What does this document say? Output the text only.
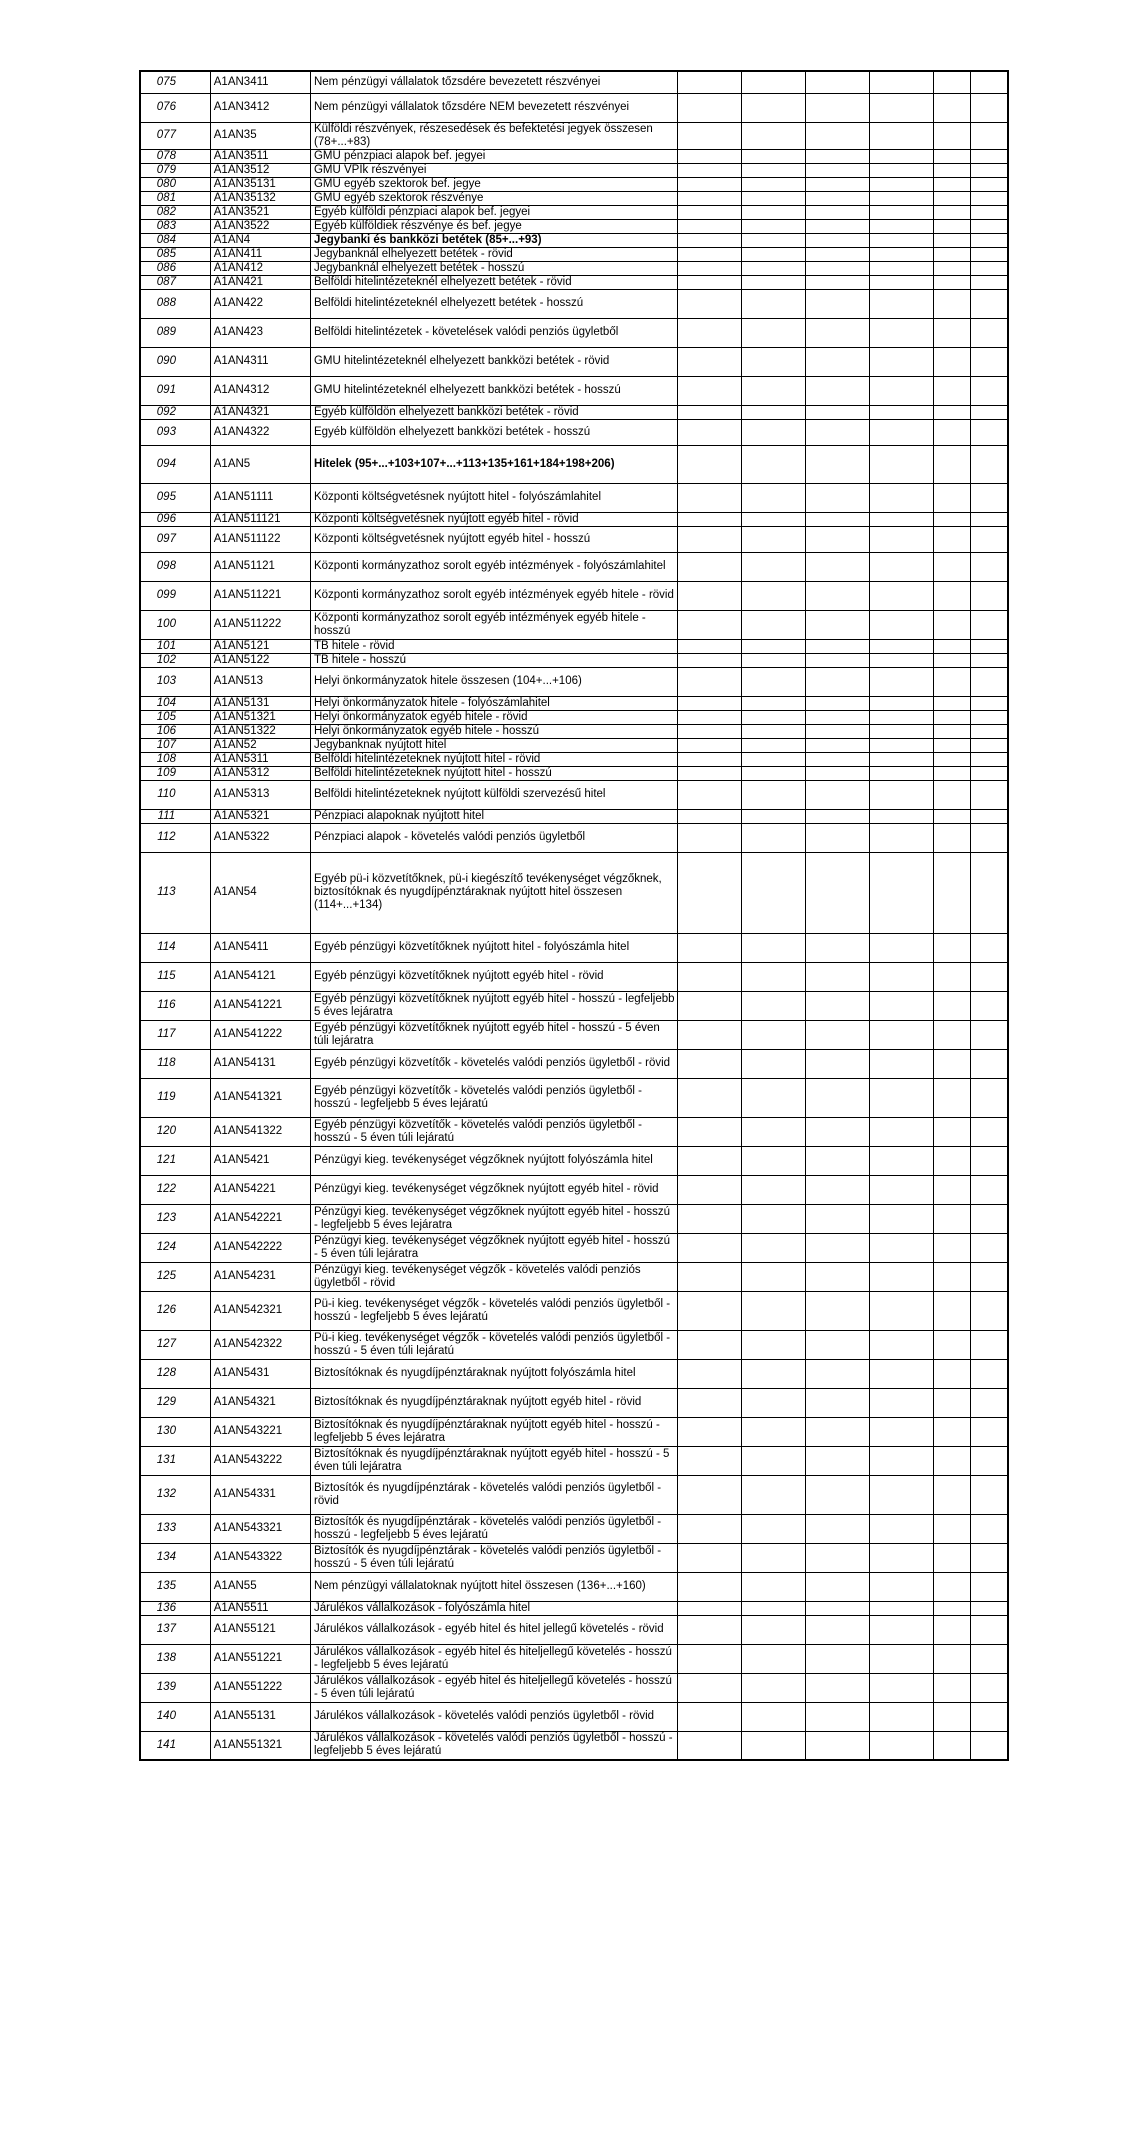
075	A1AN3411	Nem pénzügyi vállalatok tőzsdére bevezetett részvényei						
076	A1AN3412	Nem pénzügyi vállalatok tőzsdére NEM bevezetett részvényei						
077	A1AN35	Külföldi részvények, részesedések és befektetési jegyek összesen (78+...+83)						
078	A1AN3511	GMU pénzpiaci alapok bef. jegyei						
079	A1AN3512	GMU VPIk részvényei						
080	A1AN35131	GMU egyéb szektorok bef. jegye						
081	A1AN35132	GMU egyéb szektorok részvénye						
082	A1AN3521	Egyéb külföldi pénzpiaci alapok bef. jegyei						
083	A1AN3522	Egyéb külföldiek részvénye és bef. jegye						
084	A1AN4	Jegybanki és bankközi betétek (85+...+93)						
085	A1AN411	Jegybanknál elhelyezett betétek - rövid						
086	A1AN412	Jegybanknál elhelyezett betétek - hosszú						
087	A1AN421	Belföldi hitelintézeteknél elhelyezett betétek - rövid						
088	A1AN422	Belföldi hitelintézeteknél elhelyezett betétek - hosszú						
089	A1AN423	Belföldi hitelintézetek - követelések valódi penziós ügyletből						
090	A1AN4311	GMU hitelintézeteknél elhelyezett bankközi betétek - rövid						
091	A1AN4312	GMU hitelintézeteknél elhelyezett bankközi betétek - hosszú						
092	A1AN4321	Egyéb külföldön elhelyezett bankközi betétek - rövid						
093	A1AN4322	Egyéb külföldön elhelyezett bankközi betétek - hosszú						
094	A1AN5	Hitelek (95+...+103+107+...+113+135+161+184+198+206)						
095	A1AN51111	Központi költségvetésnek nyújtott hitel - folyószámlahitel						
096	A1AN511121	Központi költségvetésnek nyújtott egyéb hitel - rövid						
097	A1AN511122	Központi költségvetésnek nyújtott egyéb hitel - hosszú						
098	A1AN51121	Központi kormányzathoz sorolt egyéb intézmények - folyószámlahitel						
099	A1AN511221	Központi kormányzathoz sorolt egyéb intézmények egyéb hitele - rövid						
100	A1AN511222	Központi kormányzathoz sorolt egyéb intézmények egyéb hitele - hosszú						
101	A1AN5121	TB hitele - rövid						
102	A1AN5122	TB hitele - hosszú						
103	A1AN513	Helyi önkormányzatok hitele összesen (104+...+106)						
104	A1AN5131	Helyi önkormányzatok hitele - folyószámlahitel						
105	A1AN51321	Helyi önkormányzatok egyéb hitele - rövid						
106	A1AN51322	Helyi önkormányzatok egyéb hitele - hosszú						
107	A1AN52	Jegybanknak nyújtott hitel						
108	A1AN5311	Belföldi hitelintézeteknek nyújtott hitel - rövid						
109	A1AN5312	Belföldi hitelintézeteknek nyújtott hitel - hosszú						
110	A1AN5313	Belföldi hitelintézeteknek nyújtott külföldi szervezésű hitel						
111	A1AN5321	Pénzpiaci alapoknak nyújtott hitel						
112	A1AN5322	Pénzpiaci alapok - követelés valódi penziós ügyletből						
113	A1AN54	Egyéb pü-i közvetítőknek, pü-i kiegészítő tevékenységet végzőknek, biztosítóknak és nyugdíjpénztáraknak nyújtott hitel összesen (114+...+134)						
114	A1AN5411	Egyéb pénzügyi közvetítőknek nyújtott hitel - folyószámla hitel						
115	A1AN54121	Egyéb pénzügyi közvetítőknek nyújtott egyéb hitel - rövid						
116	A1AN541221	Egyéb pénzügyi közvetítőknek nyújtott egyéb hitel - hosszú - legfeljebb 5 éves lejáratra						
117	A1AN541222	Egyéb pénzügyi közvetítőknek nyújtott egyéb hitel - hosszú - 5 éven túli lejáratra						
118	A1AN54131	Egyéb pénzügyi közvetítők - követelés valódi penziós ügyletből - rövid						
119	A1AN541321	Egyéb pénzügyi közvetítők - követelés valódi penziós ügyletből - hosszú - legfeljebb 5 éves lejáratú						
120	A1AN541322	Egyéb pénzügyi közvetítők - követelés valódi penziós ügyletből - hosszú - 5 éven túli lejáratú						
121	A1AN5421	Pénzügyi kieg. tevékenységet végzőknek nyújtott folyószámla hitel						
122	A1AN54221	Pénzügyi kieg. tevékenységet végzőknek nyújtott egyéb hitel - rövid						
123	A1AN542221	Pénzügyi kieg. tevékenységet végzőknek nyújtott egyéb hitel - hosszú - legfeljebb 5 éves lejáratra						
124	A1AN542222	Pénzügyi kieg. tevékenységet végzőknek nyújtott egyéb hitel - hosszú - 5 éven túli lejáratra						
125	A1AN54231	Pénzügyi kieg. tevékenységet végzők - követelés valódi penziós ügyletből - rövid						
126	A1AN542321	Pü-i kieg. tevékenységet végzők - követelés valódi penziós ügyletből - hosszú - legfeljebb 5 éves lejáratú						
127	A1AN542322	Pü-i kieg. tevékenységet végzők - követelés valódi penziós ügyletből - hosszú - 5 éven túli lejáratú						
128	A1AN5431	Biztosítóknak és nyugdíjpénztáraknak nyújtott folyószámla hitel						
129	A1AN54321	Biztosítóknak és nyugdíjpénztáraknak nyújtott egyéb hitel - rövid						
130	A1AN543221	Biztosítóknak és nyugdíjpénztáraknak nyújtott egyéb hitel - hosszú - legfeljebb 5 éves lejáratra						
131	A1AN543222	Biztosítóknak és nyugdíjpénztáraknak nyújtott egyéb hitel - hosszú - 5 éven túli lejáratra						
132	A1AN54331	Biztosítók és nyugdíjpénztárak - követelés valódi penziós ügyletből - rövid						
133	A1AN543321	Biztosítók és nyugdíjpénztárak - követelés valódi penziós ügyletből - hosszú - legfeljebb 5 éves lejáratú						
134	A1AN543322	Biztosítók és nyugdíjpénztárak - követelés valódi penziós ügyletből - hosszú - 5 éven túli lejáratú						
135	A1AN55	Nem pénzügyi vállalatoknak nyújtott hitel összesen (136+...+160)						
136	A1AN5511	Járulékos vállalkozások - folyószámla hitel						
137	A1AN55121	Járulékos vállalkozások - egyéb hitel és hitel jellegű követelés - rövid						
138	A1AN551221	Járulékos vállalkozások - egyéb hitel és hiteljellegű követelés - hosszú - legfeljebb 5 éves lejáratú						
139	A1AN551222	Járulékos vállalkozások - egyéb hitel és hiteljellegű követelés - hosszú - 5 éven túli lejáratú						
140	A1AN55131	Járulékos vállalkozások - követelés valódi penziós ügyletből - rövid						
141	A1AN551321	Járulékos vállalkozások - követelés valódi penziós ügyletből - hosszú - legfeljebb 5 éves lejáratú						
